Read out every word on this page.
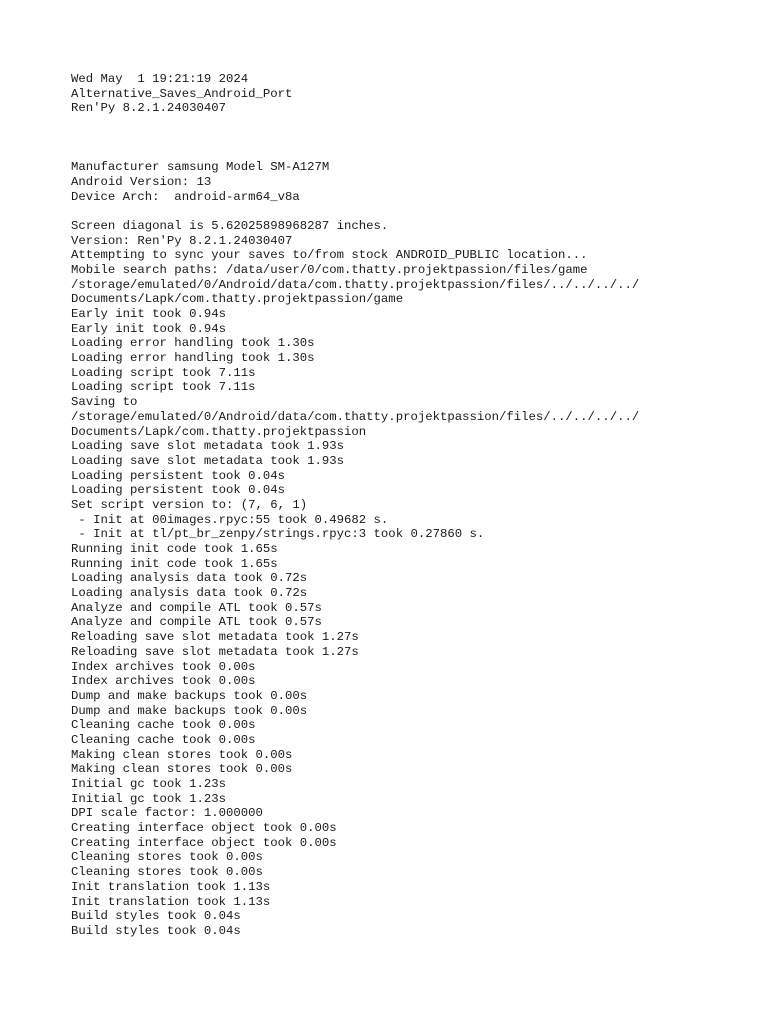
Wed May  1 19:21:19 2024
Alternative_Saves_Android_Port
Ren'Py 8.2.1.24030407
Manufacturer samsung Model SM-A127M
Android Version: 13
Device Arch:  android-arm64_v8a
Screen diagonal is 5.62025898968287 inches.
Version: Ren'Py 8.2.1.24030407
Attempting to sync your saves to/from stock ANDROID_PUBLIC location...
Mobile search paths: /data/user/0/com.thatty.projektpassion/files/game
/storage/emulated/0/Android/data/com.thatty.projektpassion/files/../../../../
Documents/Lapk/com.thatty.projektpassion/game
Early init took 0.94s
Early init took 0.94s
Loading error handling took 1.30s
Loading error handling took 1.30s
Loading script took 7.11s
Loading script took 7.11s
Saving to
/storage/emulated/0/Android/data/com.thatty.projektpassion/files/../../../../
Documents/Lapk/com.thatty.projektpassion
Loading save slot metadata took 1.93s
Loading save slot metadata took 1.93s
Loading persistent took 0.04s
Loading persistent took 0.04s
Set script version to: (7, 6, 1)
- Init at 00images.rpyc:55 took 0.49682 s.
- Init at tl/pt_br_zenpy/strings.rpyc:3 took 0.27860 s.
Running init code took 1.65s
Running init code took 1.65s
Loading analysis data took 0.72s
Loading analysis data took 0.72s
Analyze and compile ATL took 0.57s
Analyze and compile ATL took 0.57s
Reloading save slot metadata took 1.27s
Reloading save slot metadata took 1.27s
Index archives took 0.00s
Index archives took 0.00s
Dump and make backups took 0.00s
Dump and make backups took 0.00s
Cleaning cache took 0.00s
Cleaning cache took 0.00s
Making clean stores took 0.00s
Making clean stores took 0.00s
Initial gc took 1.23s
Initial gc took 1.23s
DPI scale factor: 1.000000
Creating interface object took 0.00s
Creating interface object took 0.00s
Cleaning stores took 0.00s
Cleaning stores took 0.00s
Init translation took 1.13s
Init translation took 1.13s
Build styles took 0.04s
Build styles took 0.04s
